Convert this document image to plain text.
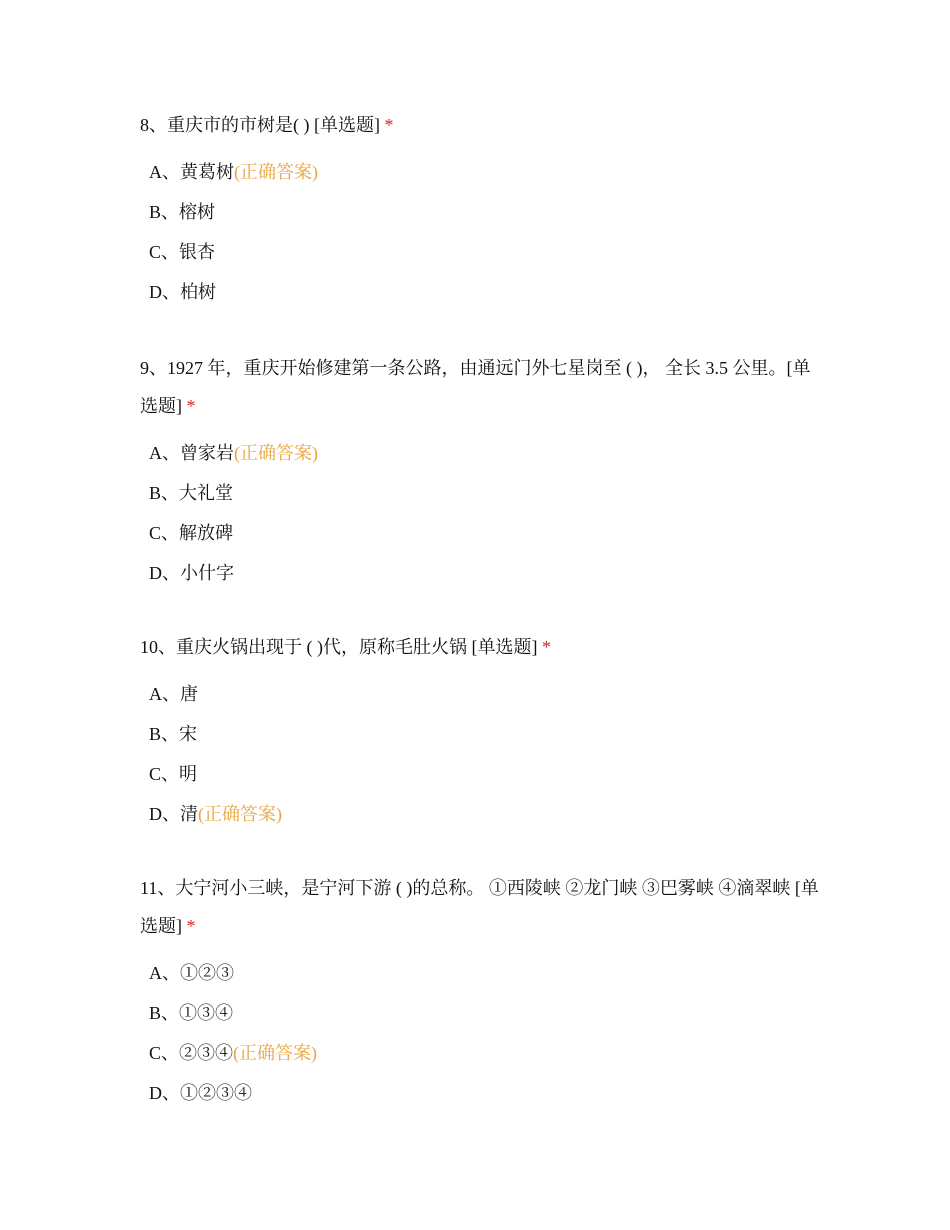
8、重庆市的市树是( ) [单选题] *

A、黄葛树(正确答案)
B、榕树
C、银杏
D、柏树

9、1927 年，重庆开始修建第一条公路，由通远门外七星岗至 ( )， 全长 3.5 公里。[单选题] *

A、曾家岩(正确答案)
B、大礼堂
C、解放碑
D、小什字

10、重庆火锅出现于 ( )代，原称毛肚火锅 [单选题] *

A、唐
B、宋
C、明
D、清(正确答案)

11、大宁河小三峡，是宁河下游 ( )的总称。 ①西陵峡 ②龙门峡 ③巴雾峡 ④滴翠峡 [单选题] *

A、①②③
B、①③④
C、②③④(正确答案)
D、①②③④
